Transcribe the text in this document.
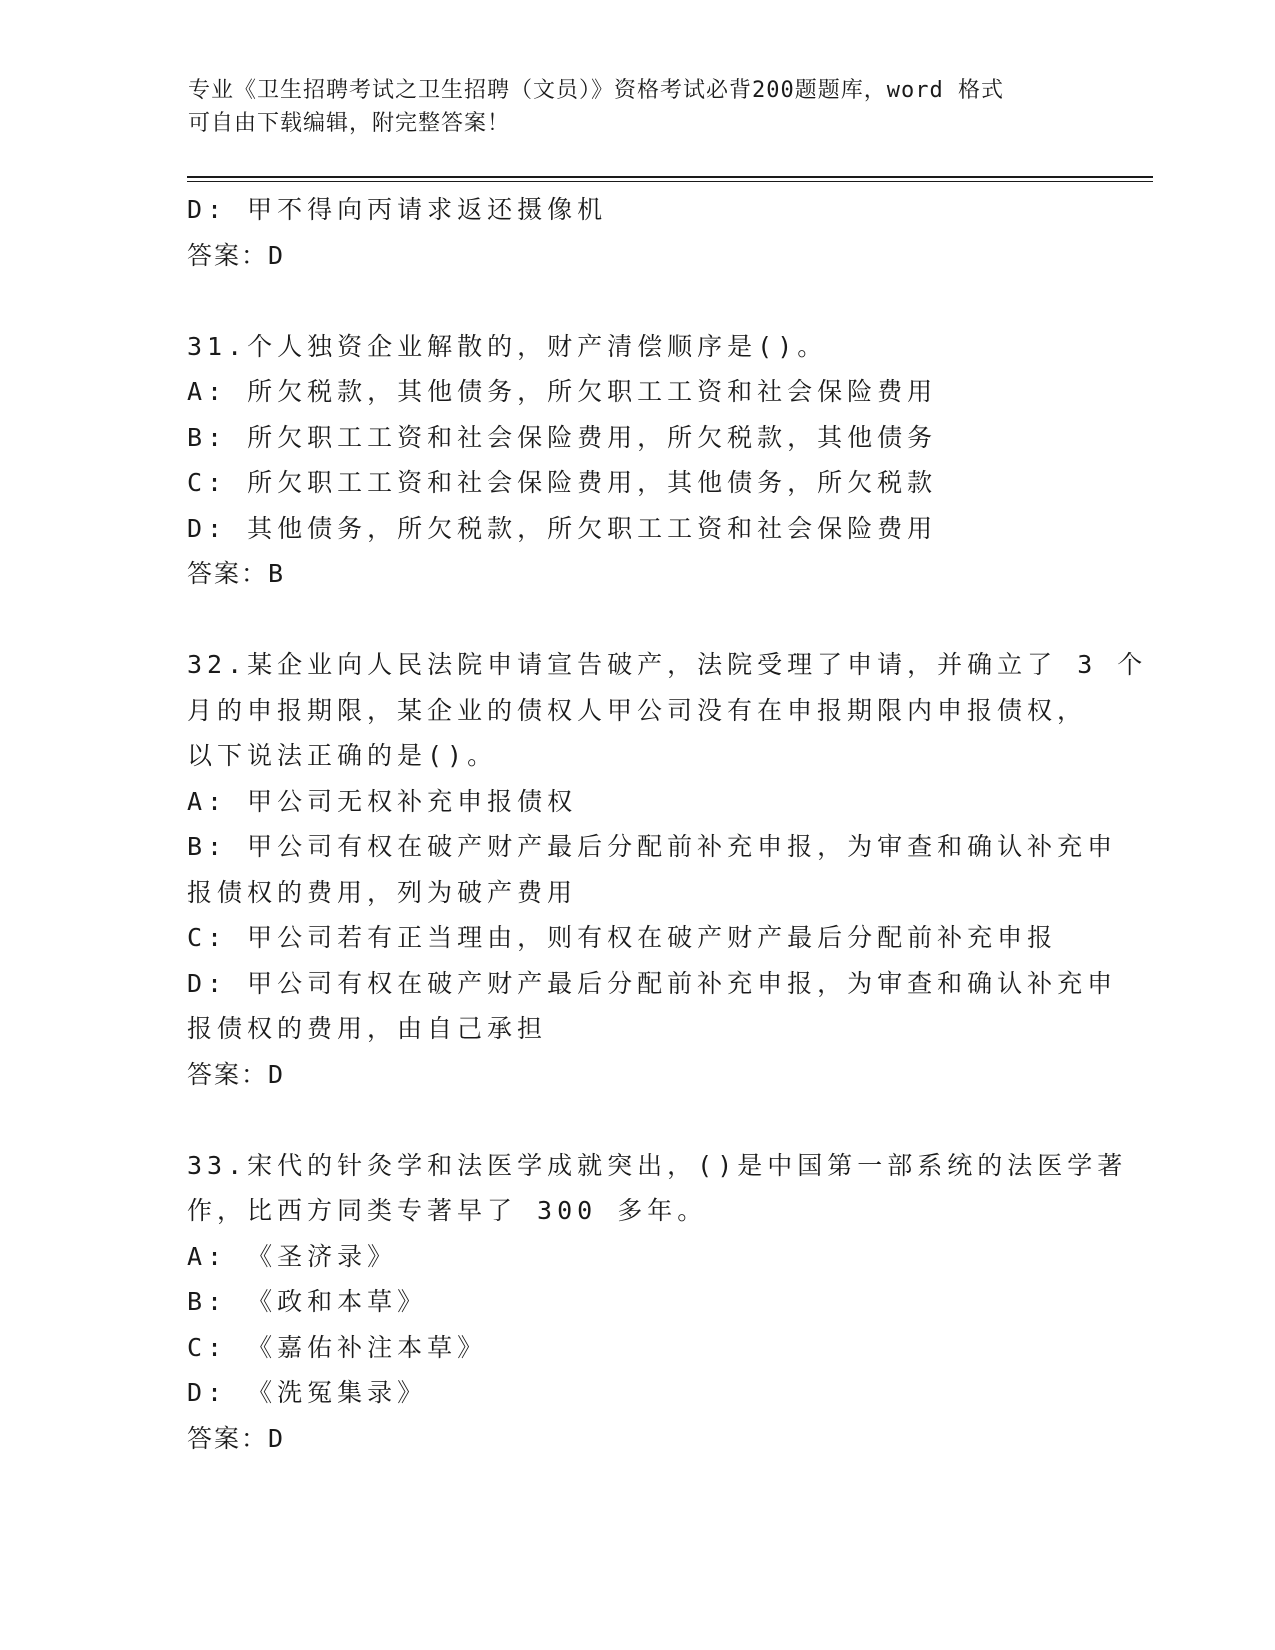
专业《卫生招聘考试之卫生招聘（文员）》资格考试必背200题题库，word 格式
可自由下载编辑，附完整答案！
D: 甲不得向丙请求返还摄像机
答案：D
31.个人独资企业解散的，财产清偿顺序是()。
A: 所欠税款，其他债务，所欠职工工资和社会保险费用
B: 所欠职工工资和社会保险费用，所欠税款，其他债务
C: 所欠职工工资和社会保险费用，其他债务，所欠税款
D: 其他债务，所欠税款，所欠职工工资和社会保险费用
答案：B
32.某企业向人民法院申请宣告破产，法院受理了申请，并确立了 3 个
月的申报期限，某企业的债权人甲公司没有在申报期限内申报债权，
以下说法正确的是()。
A: 甲公司无权补充申报债权
B: 甲公司有权在破产财产最后分配前补充申报，为审查和确认补充申
报债权的费用，列为破产费用
C: 甲公司若有正当理由，则有权在破产财产最后分配前补充申报
D: 甲公司有权在破产财产最后分配前补充申报，为审查和确认补充申
报债权的费用，由自己承担
答案：D
33.宋代的针灸学和法医学成就突出，()是中国第一部系统的法医学著
作，比西方同类专著早了 300 多年。
A: 《圣济录》
B: 《政和本草》
C: 《嘉佑补注本草》
D: 《洗冤集录》
答案：D
